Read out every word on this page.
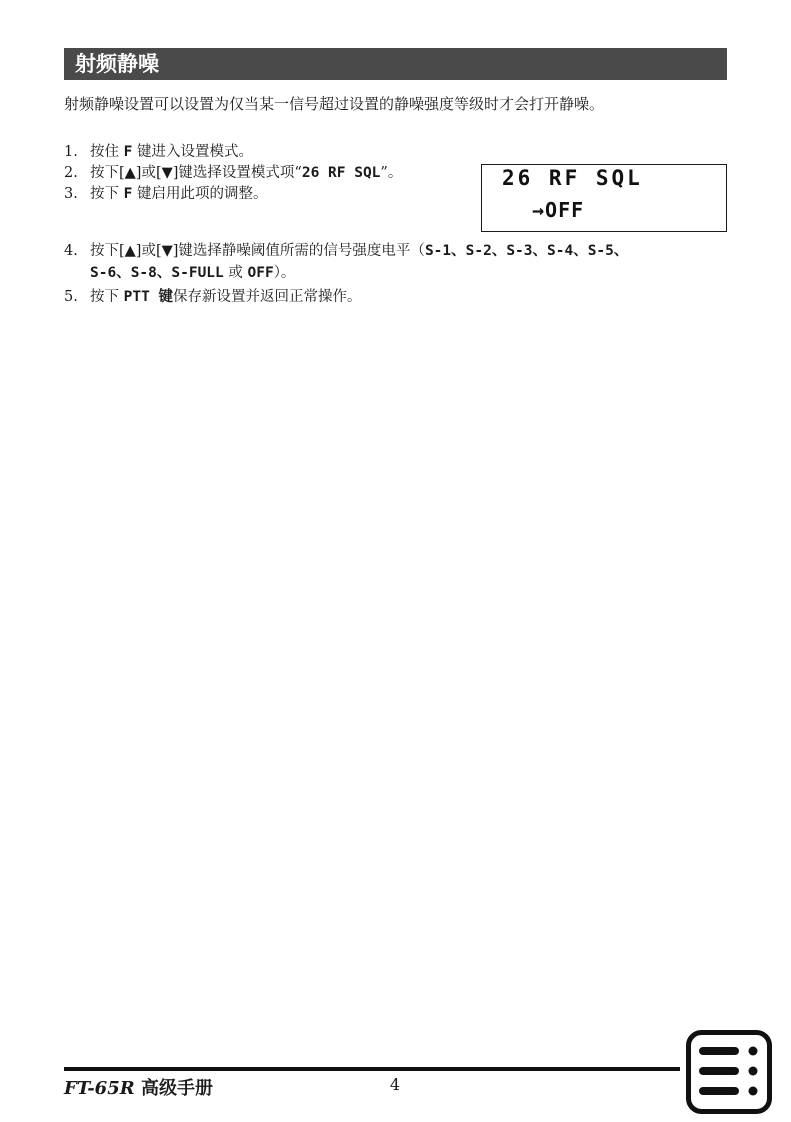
射频静噪
射频静噪设置可以设置为仅当某一信号超过设置的静噪强度等级时才会打开静噪。
1. 按住 F 键进入设置模式。
2. 按下[▲]或[▼]键选择设置模式项“26 RF SQL”。
3. 按下 F 键启用此项的调整。
26 RF SQL
→OFF
4. 按下[▲]或[▼]键选择静噪阈值所需的信号强度电平（S-1、S-2、S-3、S-4、S-5、
S-6、S-8、S-FULL 或 OFF）。
5. 按下 PTT 键保存新设置并返回正常操作。
FT-65R 高级手册	4
